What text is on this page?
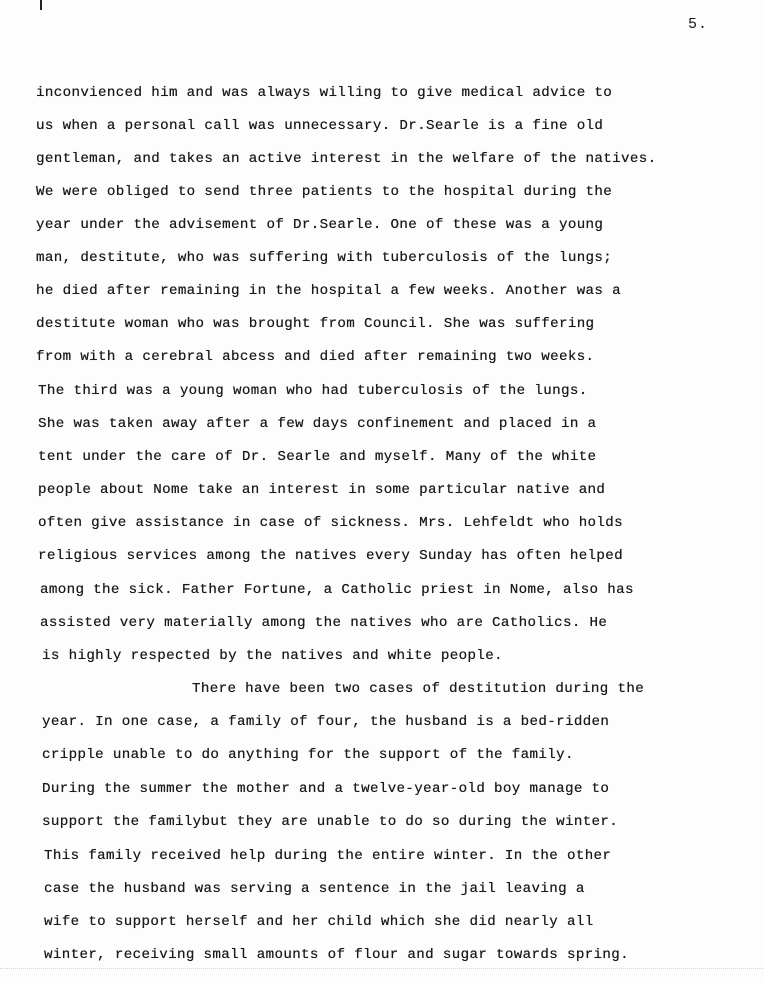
5.
inconvienced him and was always willing to give medical advice to
us when a personal call was unnecessary. Dr.Searle is a fine old
gentleman, and takes an active interest in the welfare of the natives.
We were obliged to send three patients to the hospital during the
year under the advisement of Dr.Searle. One of these was a young
man, destitute, who was suffering with tuberculosis of the lungs;
he died after remaining in the hospital a few weeks. Another was a
destitute woman who was brought from Council. She was suffering
from with a cerebral abcess and died after remaining two weeks.
The third was a young woman who had tuberculosis of the lungs.
She was taken away after a few days confinement and placed in a
tent under the care of Dr. Searle and myself. Many of the white
people about Nome take an interest in some particular native and
often give assistance in case of sickness. Mrs. Lehfeldt who holds
religious services among the natives every Sunday has often helped
among the sick. Father Fortune, a Catholic priest in Nome, also has
assisted very materially among the natives who are Catholics. He
is highly respected by the natives and white people.
There have been two cases of destitution during the
year. In one case, a family of four, the husband is a bed-ridden
cripple unable to do anything for the support of the family.
During the summer the mother and a twelve-year-old boy manage to
support the familybut they are unable to do so during the winter.
This family received help during the entire winter. In the other
case the husband was serving a sentence in the jail leaving a
wife to support herself and her child which she did nearly all
winter, receiving small amounts of flour and sugar towards spring.
